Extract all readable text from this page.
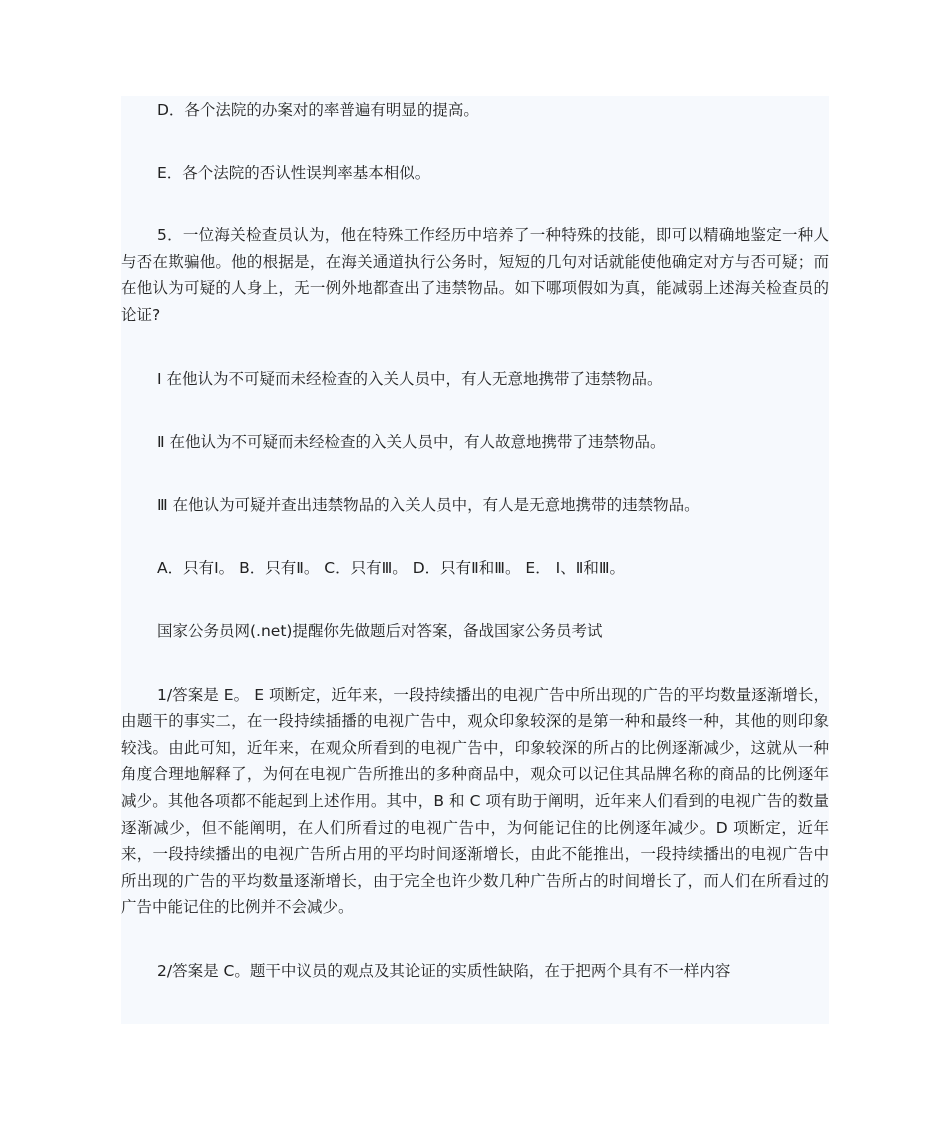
D．各个法院的办案对的率普遍有明显的提高。

E．各个法院的否认性误判率基本相似。

5．一位海关检查员认为，他在特殊工作经历中培养了一种特殊的技能，即可以精确地鉴定一种人与否在欺骗他。他的根据是，在海关通道执行公务时，短短的几句对话就能使他确定对方与否可疑；而在他认为可疑的人身上，无一例外地都查出了违禁物品。如下哪项假如为真，能减弱上述海关检查员的论证?

Ⅰ 在他认为不可疑而未经检查的入关人员中，有人无意地携带了违禁物品。

Ⅱ 在他认为不可疑而未经检查的入关人员中，有人故意地携带了违禁物品。

Ⅲ 在他认为可疑并查出违禁物品的入关人员中，有人是无意地携带的违禁物品。

A．只有Ⅰ。 B．只有Ⅱ。 C．只有Ⅲ。 D．只有Ⅱ和Ⅲ。 E． Ⅰ、Ⅱ和Ⅲ。

国家公务员网(.net)提醒你先做题后对答案，备战国家公务员考试

1/答案是 E。 E 项断定，近年来，一段持续播出的电视广告中所出现的广告的平均数量逐渐增长，由题干的事实二，在一段持续插播的电视广告中，观众印象较深的是第一种和最终一种，其他的则印象较浅。由此可知，近年来，在观众所看到的电视广告中，印象较深的所占的比例逐渐减少，这就从一种角度合理地解释了，为何在电视广告所推出的多种商品中，观众可以记住其品牌名称的商品的比例逐年减少。其他各项都不能起到上述作用。其中，B 和 C 项有助于阐明，近年来人们看到的电视广告的数量逐渐减少，但不能阐明，在人们所看过的电视广告中，为何能记住的比例逐年减少。D 项断定，近年来，一段持续播出的电视广告所占用的平均时间逐渐增长，由此不能推出，一段持续播出的电视广告中所出现的广告的平均数量逐渐增长，由于完全也许少数几种广告所占的时间增长了，而人们在所看过的广告中能记住的比例并不会减少。

2/答案是 C。题干中议员的观点及其论证的实质性缺陷，在于把两个具有不一样内容
